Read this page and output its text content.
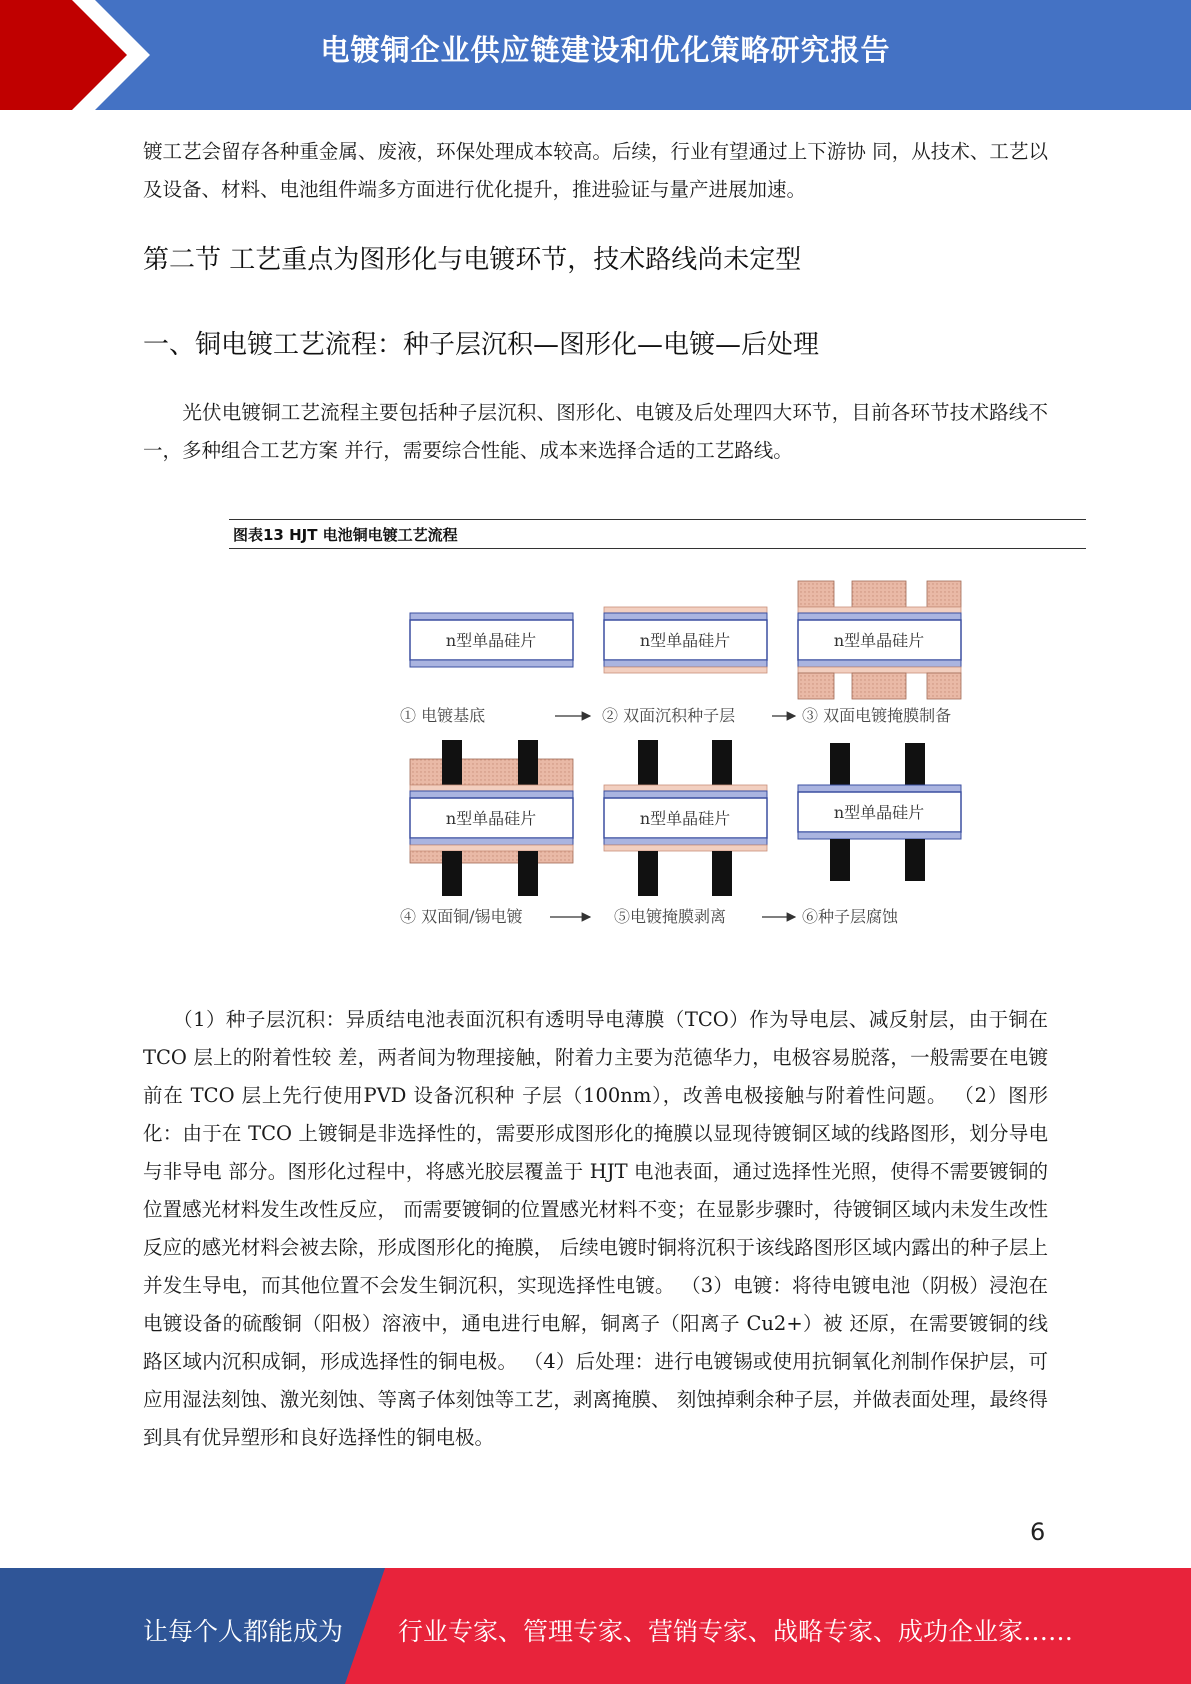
电镀铜企业供应链建设和优化策略研究报告

镀工艺会留存各种重金属、废液，环保处理成本较高。后续，行业有望通过上下游协 同，从技术、工艺以及设备、材料、电池组件端多方面进行优化提升，推进验证与量产进展加速。

第二节 工艺重点为图形化与电镀环节，技术路线尚未定型
一、铜电镀工艺流程：种子层沉积—图形化—电镀—后处理

　　光伏电镀铜工艺流程主要包括种子层沉积、图形化、电镀及后处理四大环节，目前各环节技术路线不一，多种组合工艺方案 并行，需要综合性能、成本来选择合适的工艺路线。

图表13 HJT 电池铜电镀工艺流程
n型单晶硅片	n型单晶硅片	n型单晶硅片
① 电镀基底	② 双面沉积种子层	③ 双面电镀掩膜制备
n型单晶硅片	n型单晶硅片	n型单晶硅片
④ 双面铜/锡电镀	⑤电镀掩膜剥离	⑥种子层腐蚀

　　（1）种子层沉积：异质结电池表面沉积有透明导电薄膜（TCO）作为导电层、减反射层，由于铜在 TCO 层上的附着性较 差，两者间为物理接触，附着力主要为范德华力，电极容易脱落，一般需要在电镀前在 TCO 层上先行使用PVD 设备沉积种 子层（100nm），改善电极接触与附着性问题。 （2）图形化：由于在 TCO 上镀铜是非选择性的，需要形成图形化的掩膜以显现待镀铜区域的线路图形，划分导电与非导电 部分。图形化过程中，将感光胶层覆盖于 HJT 电池表面，通过选择性光照，使得不需要镀铜的位置感光材料发生改性反应， 而需要镀铜的位置感光材料不变；在显影步骤时，待镀铜区域内未发生改性反应的感光材料会被去除，形成图形化的掩膜， 后续电镀时铜将沉积于该线路图形区域内露出的种子层上并发生导电，而其他位置不会发生铜沉积，实现选择性电镀。 （3）电镀：将待电镀电池（阴极）浸泡在电镀设备的硫酸铜（阳极）溶液中，通电进行电解，铜离子（阳离子 Cu2+）被 还原，在需要镀铜的线路区域内沉积成铜，形成选择性的铜电极。 （4）后处理：进行电镀锡或使用抗铜氧化剂制作保护层，可应用湿法刻蚀、激光刻蚀、等离子体刻蚀等工艺，剥离掩膜、 刻蚀掉剩余种子层，并做表面处理，最终得到具有优异塑形和良好选择性的铜电极。

6
让每个人都能成为 行业专家、管理专家、营销专家、战略专家、成功企业家……
